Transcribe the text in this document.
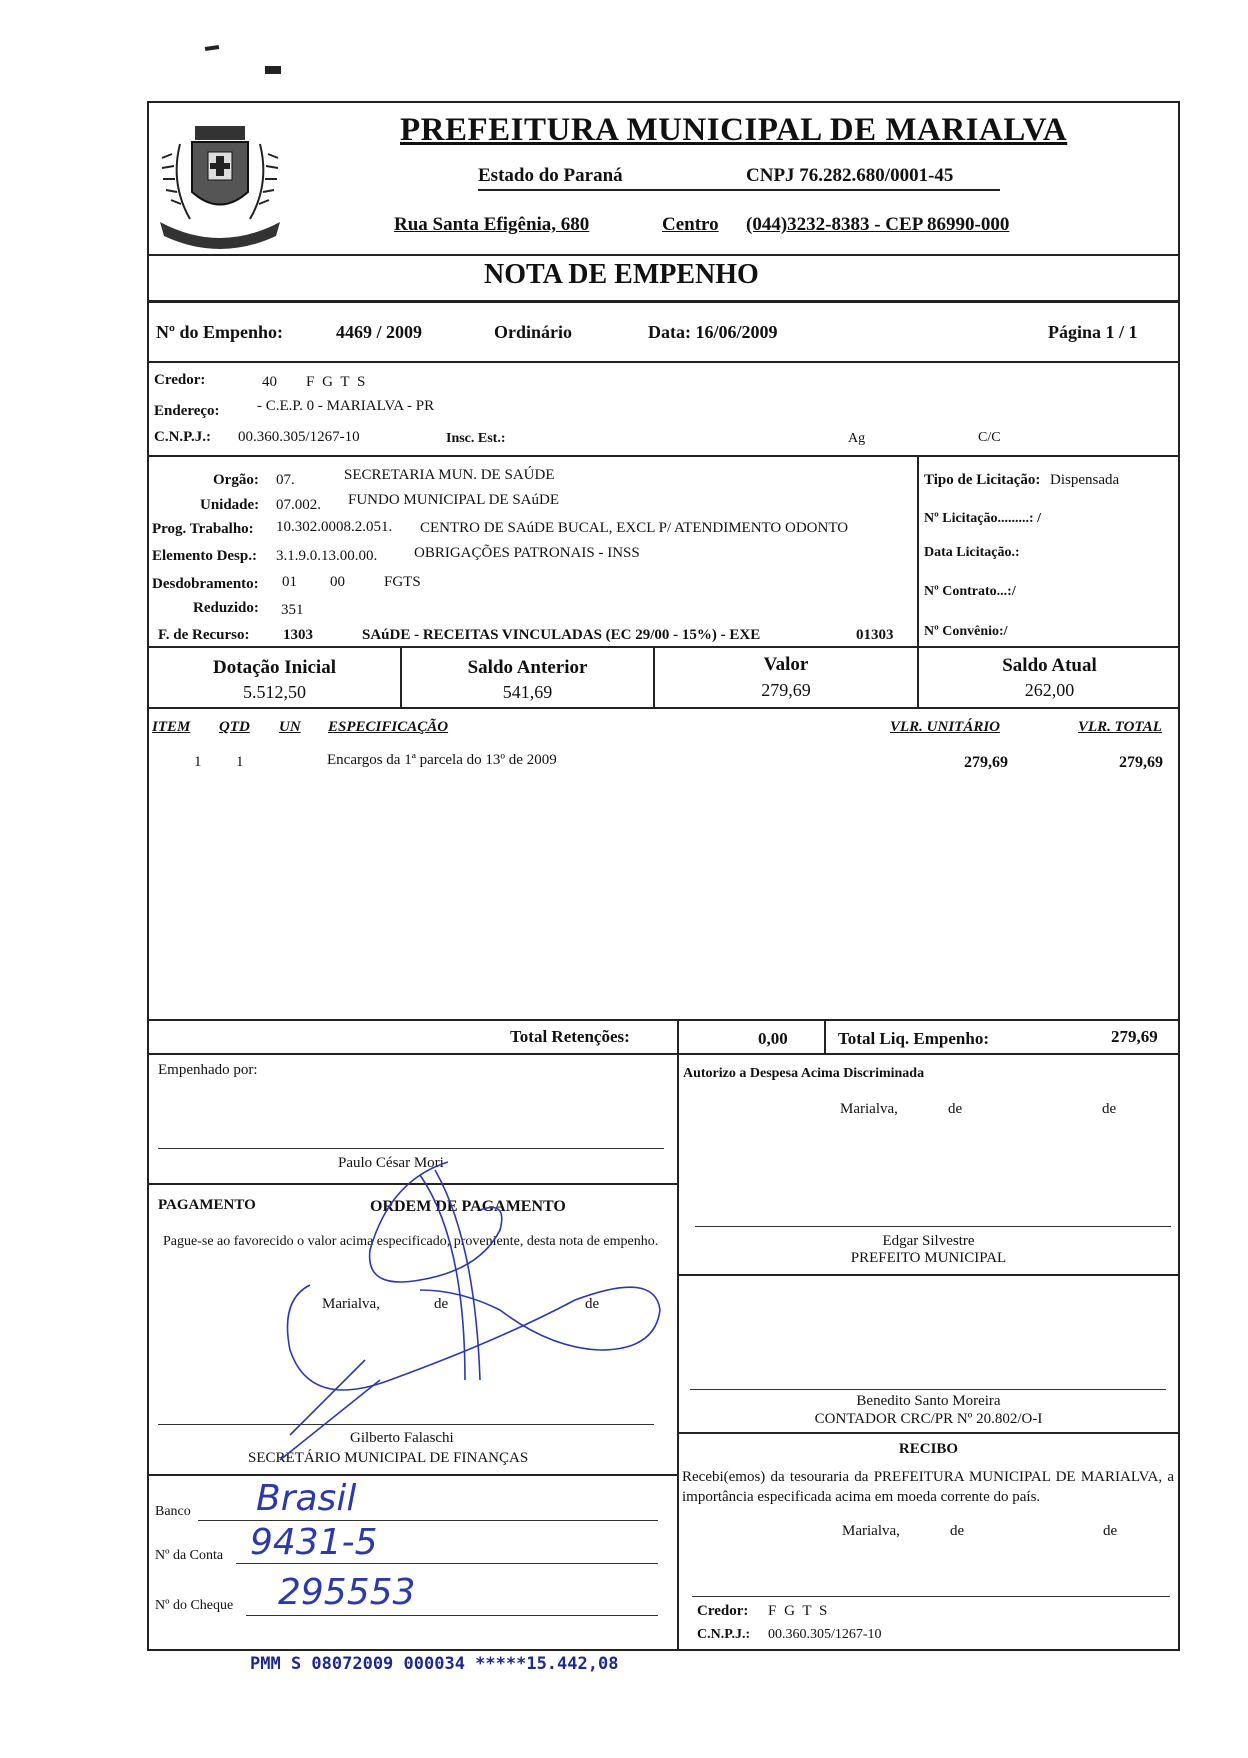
MARIALVA
PREFEITURA MUNICIPAL DE MARIALVA
Estado do Paraná	CNPJ 76.282.680/0001-45
Rua Santa Efigênia, 680	Centro (044)3232-8383 - CEP 86990-000
NOTA DE EMPENHO
Nº do Empenho:	4469 / 2009	Ordinário	Data: 16/06/2009	Página 1 / 1
Credor:	40 F G T S
Endereço: - C.E.P. 0 - MARIALVA - PR
C.N.P.J.: 00.360.305/1267-10	Insc. Est.:	Ag	C/C
Orgão: 07.	SECRETARIA MUN. DE SAÚDE
Unidade: 07.002. FUNDO MUNICIPAL DE SAúDE
Prog. Trabalho: 10.302.0008.2.051. CENTRO DE SAúDE BUCAL, EXCL P/ ATENDIMENTO ODONTO
Elemento Desp.: 3.1.9.0.13.00.00. OBRIGAÇÕES PATRONAIS - INSS
Desdobramento: 01 00	FGTS
Reduzido: 351
F. de Recurso: 1303	SAúDE - RECEITAS VINCULADAS (EC 29/00 - 15%) - EXE	01303
Tipo de Licitação: Dispensada
Nº Licitação.........: /
Data Licitação.:
Nº Contrato...:/
Nº Convênio:/
Dotação Inicial
5.512,50
Saldo Anterior
541,69
Valor
279,69
Saldo Atual
262,00
ITEM QTD UN ESPECIFICAÇÃO	VLR. UNITÁRIO	VLR. TOTAL
1 1	Encargos da 1ª parcela do 13º de 2009	279,69	279,69
Total Retenções:	0,00	Total Liq. Empenho:	279,69
Empenhado por:
Paulo César Mori
PAGAMENTO	ORDEM DE PAGAMENTO
Pague-se ao favorecido o valor acima especificado, proveniente, desta nota de empenho.
Marialva,	de	de
Gilberto Falaschi
SECRETÁRIO MUNICIPAL DE FINANÇAS
Banco Brasil
Nº da Conta 9431-5
Nº do Cheque 295553
Autorizo a Despesa Acima Discriminada
Marialva,	de	de
Edgar Silvestre
PREFEITO MUNICIPAL
Benedito Santo Moreira
CONTADOR CRC/PR Nº 20.802/O-I
RECIBO
Recebi(emos) da tesouraria da PREFEITURA MUNICIPAL DE MARIALVA, a importância especificada acima em moeda corrente do país.
Marialva,	de	de
Credor: F G T S
C.N.P.J.: 00.360.305/1267-10
PMM S 08072009 000034 *****15.442,08
